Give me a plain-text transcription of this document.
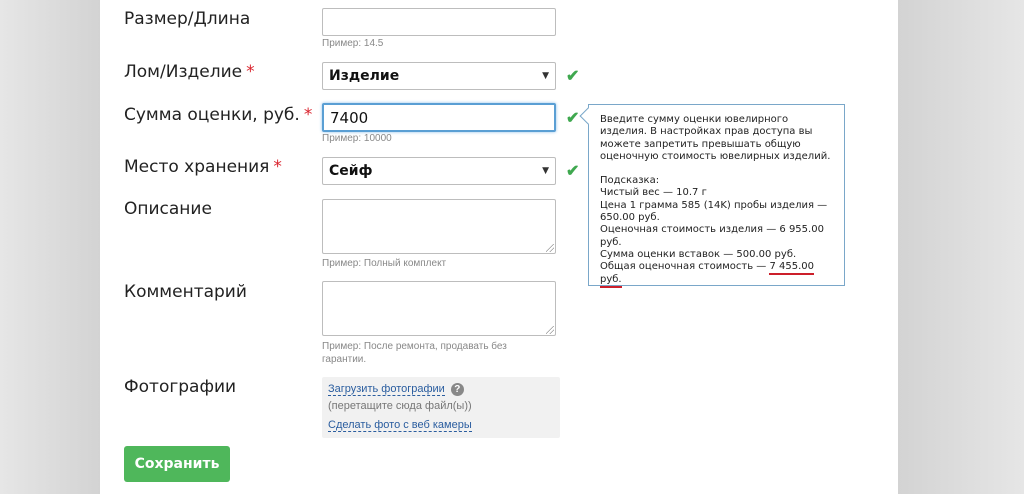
Размер/Длина
Пример: 14.5
Лом/Изделие *	Изделие	▼ ✔
Сумма оценки, руб. *	7400
Пример: 10000
✔
Место хранения *	Сейф	▼ ✔
Описание
Пример: Полный комплект
Комментарий
Пример: После ремонта, продавать без гарантии.
Фотографии	Загрузить фотографии ?
(перетащите сюда файл(ы))
Сделать фото с веб камеры
Сохранить

Введите сумму оценки ювелирного изделия. В настройках прав доступа вы можете запретить превышать общую оценочную стоимость ювелирных изделий.

Подсказка:

Чистый вес — 10.7 г

Цена 1 грамма 585 (14K) пробы изделия — 650.00 руб.

Оценочная стоимость изделия — 6 955.00 руб.

Сумма оценки вставок — 500.00 руб.

Общая оценочная стоимость — 7 455.00 руб.
